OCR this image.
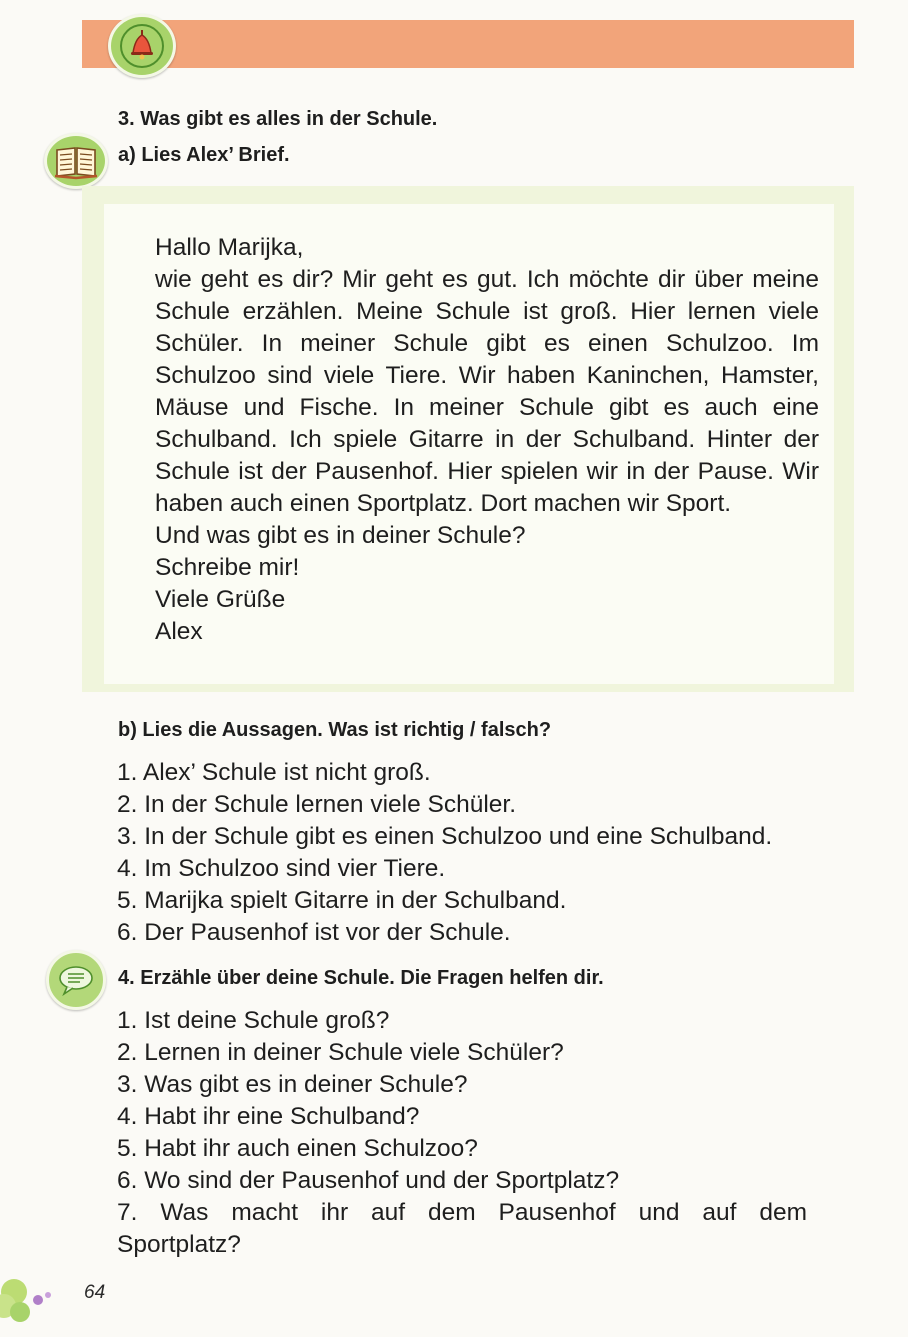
3. Was gibt es alles in der Schule.
a) Lies Alex’ Brief.
Hallo Marijka,

wie geht es dir? Mir geht es gut. Ich möchte dir über meine Schule erzählen. Meine Schule ist groß. Hier lernen viele Schüler. In meiner Schule gibt es einen Schulzoo. Im Schulzoo sind viele Tiere. Wir haben Kaninchen, Hamster, Mäuse und Fische. In meiner Schule gibt es auch eine Schulband. Ich spiele Gitarre in der Schulband. Hinter der Schule ist der Pausenhof. Hier spielen wir in der Pause. Wir haben auch einen Sportplatz. Dort machen wir Sport.

Und was gibt es in deiner Schule?
Schreibe mir!
Viele Grüße
Alex
b) Lies die Aussagen. Was ist richtig / falsch?
1. Alex’ Schule ist nicht groß.
2. In der Schule lernen viele Schüler.
3. In der Schule gibt es einen Schulzoo und eine Schulband.
4. Im Schulzoo sind vier Tiere.
5. Marijka spielt Gitarre in der Schulband.
6. Der Pausenhof ist vor der Schule.
4. Erzähle über deine Schule. Die Fragen helfen dir.
1. Ist deine Schule groß?
2. Lernen in deiner Schule viele Schüler?
3. Was gibt es in deiner Schule?
4. Habt ihr eine Schulband?
5. Habt ihr auch einen Schulzoo?
6. Wo sind der Pausenhof und der Sportplatz?
7. Was macht ihr auf dem Pausenhof und auf dem
Sportplatz?
64
